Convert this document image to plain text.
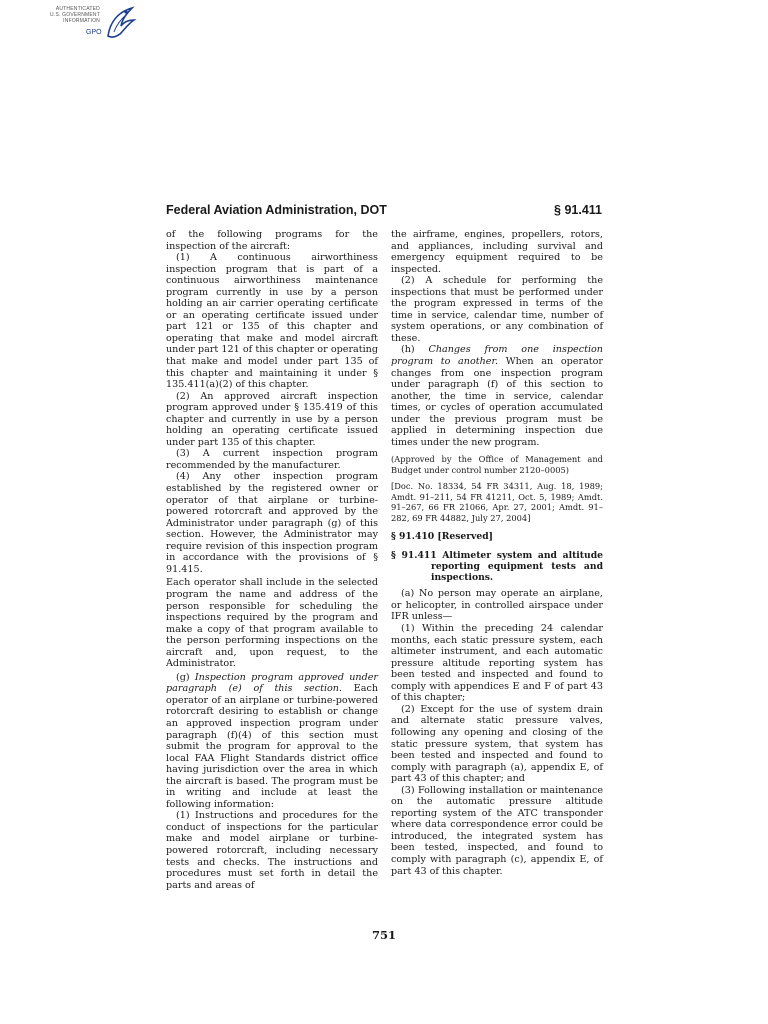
AUTHENTICATED
U.S. GOVERNMENT
INFORMATION
GPO
Federal Aviation Administration, DOT	§ 91.411

of the following programs for the inspection of the aircraft:

(1) A continuous airworthiness inspection program that is part of a continuous airworthiness maintenance program currently in use by a person holding an air carrier operating certificate or an operating certificate issued under part 121 or 135 of this chapter and operating that make and model aircraft under part 121 of this chapter or operating that make and model under part 135 of this chapter and maintaining it under § 135.411(a)(2) of this chapter.

(2) An approved aircraft inspection program approved under § 135.419 of this chapter and currently in use by a person holding an operating certificate issued under part 135 of this chapter.

(3) A current inspection program recommended by the manufacturer.

(4) Any other inspection program established by the registered owner or operator of that airplane or turbine-powered rotorcraft and approved by the Administrator under paragraph (g) of this section. However, the Administrator may require revision of this inspection program in accordance with the provisions of § 91.415.

Each operator shall include in the selected program the name and address of the person responsible for scheduling the inspections required by the program and make a copy of that program available to the person performing inspections on the aircraft and, upon request, to the Administrator.

(g) Inspection program approved under paragraph (e) of this section. Each operator of an airplane or turbine-powered rotorcraft desiring to establish or change an approved inspection program under paragraph (f)(4) of this section must submit the program for approval to the local FAA Flight Standards district office having jurisdiction over the area in which the aircraft is based. The program must be in writing and include at least the following information:

(1) Instructions and procedures for the conduct of inspections for the particular make and model airplane or turbine-powered rotorcraft, including necessary tests and checks. The instructions and procedures must set forth in detail the parts and areas of

the airframe, engines, propellers, rotors, and appliances, including survival and emergency equipment required to be inspected.

(2) A schedule for performing the inspections that must be performed under the program expressed in terms of the time in service, calendar time, number of system operations, or any combination of these.

(h) Changes from one inspection program to another. When an operator changes from one inspection program under paragraph (f) of this section to another, the time in service, calendar times, or cycles of operation accumulated under the previous program must be applied in determining inspection due times under the new program.

(Approved by the Office of Management and Budget under control number 2120–0005)

[Doc. No. 18334, 54 FR 34311, Aug. 18, 1989; Amdt. 91–211, 54 FR 41211, Oct. 5, 1989; Amdt. 91–267, 66 FR 21066, Apr. 27, 2001; Amdt. 91–282, 69 FR 44882, July 27, 2004]

§ 91.410 [Reserved]

§ 91.411 Altimeter system and altitude reporting equipment tests and inspections.

(a) No person may operate an airplane, or helicopter, in controlled airspace under IFR unless—

(1) Within the preceding 24 calendar months, each static pressure system, each altimeter instrument, and each automatic pressure altitude reporting system has been tested and inspected and found to comply with appendices E and F of part 43 of this chapter;

(2) Except for the use of system drain and alternate static pressure valves, following any opening and closing of the static pressure system, that system has been tested and inspected and found to comply with paragraph (a), appendix E, of part 43 of this chapter; and

(3) Following installation or maintenance on the automatic pressure altitude reporting system of the ATC transponder where data correspondence error could be introduced, the integrated system has been tested, inspected, and found to comply with paragraph (c), appendix E, of part 43 of this chapter.

751
